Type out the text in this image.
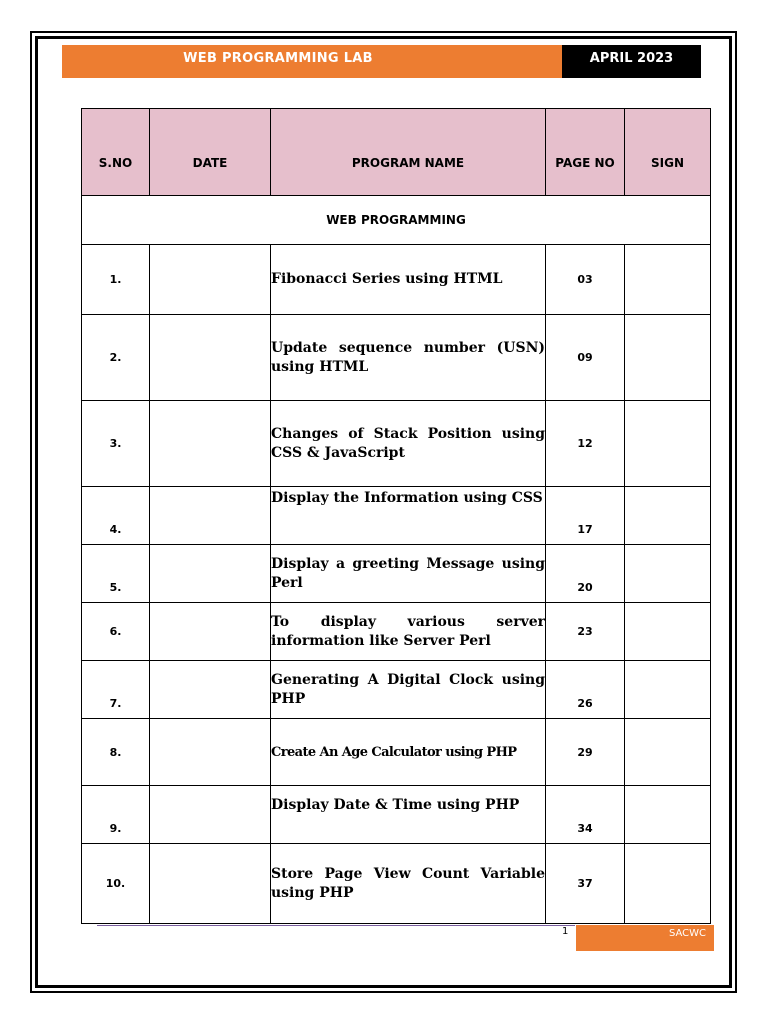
WEB PROGRAMMING LAB	APRIL 2023
S.NO	DATE	PROGRAM NAME	PAGE NO	SIGN
WEB PROGRAMMING				
1.		Fibonacci Series using HTML	03	
2.		Update sequence number (USN) using HTML	09	
3.		Changes of Stack Position using CSS & JavaScript	12	
4.		Display the Information using CSS	17	
5.		Display a greeting Message using Perl	20	
6.		To display various server information like Server Perl	23	
7.		Generating A Digital Clock using PHP	26	
8.		Create An Age Calculator using PHP	29	
9.		Display Date & Time using PHP	34	
10.		Store Page View Count Variable using PHP	37	
1	SACWC
